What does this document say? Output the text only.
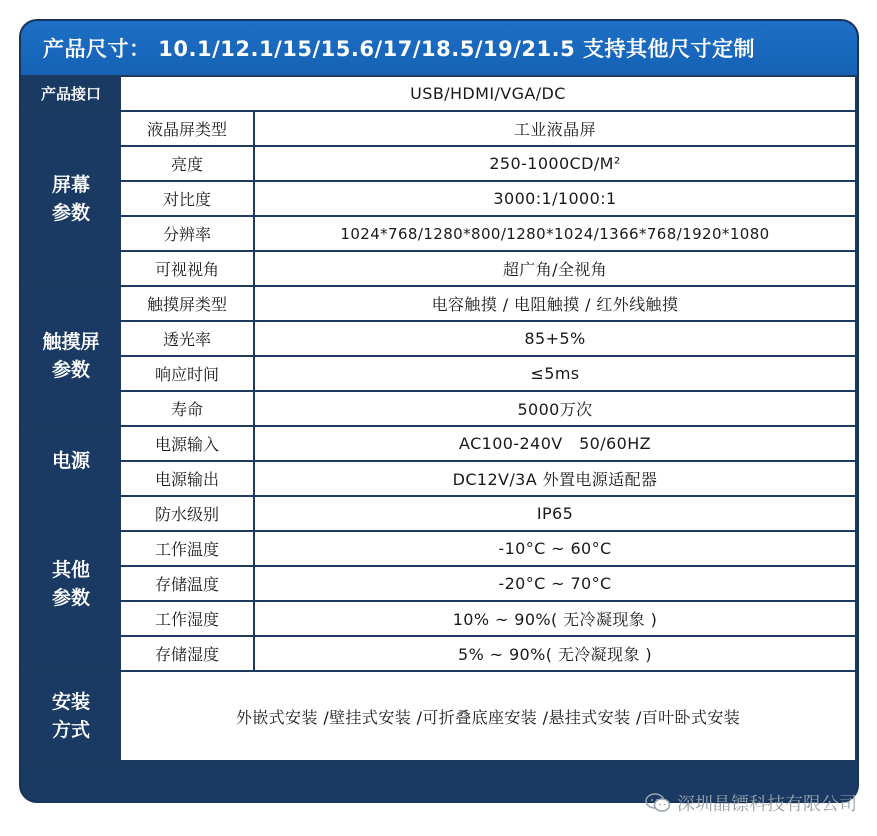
产品尺寸： 10.1/12.1/15/15.6/17/18.5/19/21.5 支持其他尺寸定制
产品接口	USB/HDMI/VGA/DC	
屏幕参数	液晶屏类型	工业液晶屏
	亮度	250-1000CD/M²
	对比度	3000:1/1000:1
	分辨率	1024*768/1280*800/1280*1024/1366*768/1920*1080
	可视视角	超广角/全视角
触摸屏参数	触摸屏类型	电容触摸 / 电阻触摸 / 红外线触摸
	透光率	85+5%
	响应时间	≤5ms
	寿命	5000万次
电源	电源输入	AC100-240V   50/60HZ
	电源输出	DC12V/3A 外置电源适配器
其他参数	防水级别	IP65
	工作温度	-10°C ~ 60°C
	存储温度	-20°C ~ 70°C
	工作湿度	10% ~ 90%( 无冷凝现象 )
	存储湿度	5% ~ 90%( 无冷凝现象 )
安装方式	外嵌式安装 /壁挂式安装 /可折叠底座安装 /悬挂式安装 /百叶卧式安装	
深圳晶镖科技有限公司
